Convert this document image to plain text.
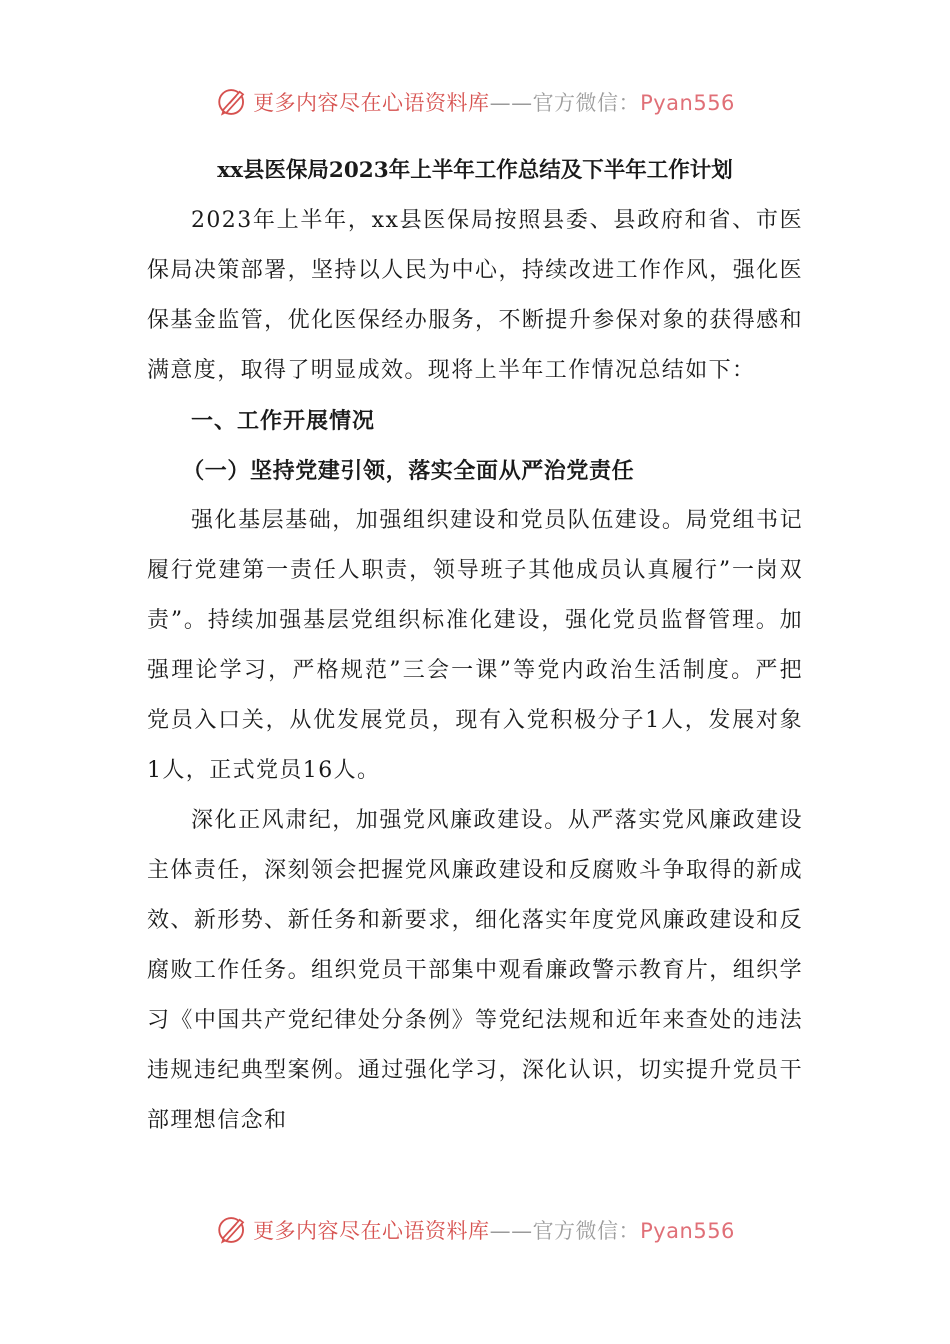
更多内容尽在心语资料库——官方微信：Pyan556
xx县医保局2023年上半年工作总结及下半年工作计划

2023年上半年，xx县医保局按照县委、县政府和省、市医保局决策部署，坚持以人民为中心，持续改进工作作风，强化医保基金监管，优化医保经办服务，不断提升参保对象的获得感和满意度，取得了明显成效。现将上半年工作情况总结如下：

一、工作开展情况

（一）坚持党建引领，落实全面从严治党责任

强化基层基础，加强组织建设和党员队伍建设。局党组书记履行党建第一责任人职责，领导班子其他成员认真履行”一岗双责”。持续加强基层党组织标准化建设，强化党员监督管理。加强理论学习，严格规范”三会一课”等党内政治生活制度。严把党员入口关，从优发展党员，现有入党积极分子1人，发展对象1人，正式党员16人。

深化正风肃纪，加强党风廉政建设。从严落实党风廉政建设主体责任，深刻领会把握党风廉政建设和反腐败斗争取得的新成效、新形势、新任务和新要求，细化落实年度党风廉政建设和反腐败工作任务。组织党员干部集中观看廉政警示教育片，组织学习《中国共产党纪律处分条例》等党纪法规和近年来查处的违法违规违纪典型案例。通过强化学习，深化认识，切实提升党员干部理想信念和

更多内容尽在心语资料库——官方微信：Pyan556
